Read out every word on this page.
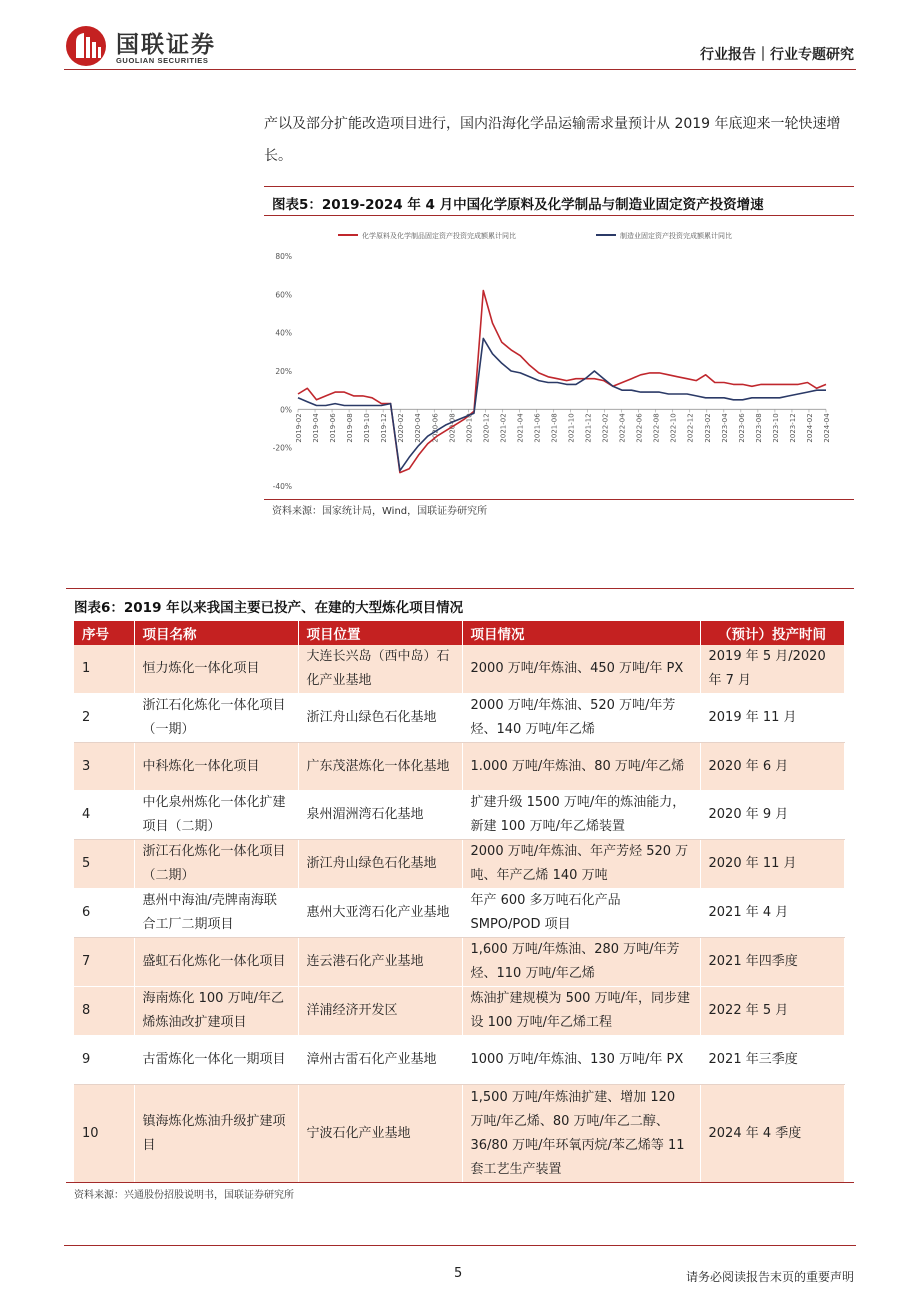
国联证券
GUOLIAN SECURITIES	行业报告｜行业专题研究

产以及部分扩能改造项目进行，国内沿海化学品运输需求量预计从 2019 年底迎来一轮快速增长。

图表5：2019-2024 年 4 月中国化学原料及化学制品与制造业固定资产投资增速
化学原料及化学制品固定资产投资完成额累计同比	制造业固定资产投资完成额累计同比
80%
60%
40%
20%
0%
-20%
-40%
2019-02 2019-04 2019-06 2019-08 2019-10 2019-12 2020-02 2020-04 2020-06 2020-08 2020-10 2020-12 2021-02 2021-04 2021-06 2021-08 2021-10 2021-12 2022-02 2022-04 2022-06 2022-08 2022-10 2022-12 2023-02 2023-04 2023-06 2023-08 2023-10 2023-12 2024-02 2024-04
资料来源：国家统计局，Wind，国联证券研究所
图表6：2019 年以来我国主要已投产、在建的大型炼化项目情况
序号	项目名称	项目位置	项目情况	（预计）投产时间
1	恒力炼化一体化项目	大连长兴岛（西中岛）石化产业基地	2000 万吨/年炼油、450 万吨/年 PX	2019 年 5 月/2020 年 7 月
2	浙江石化炼化一体化项目（一期）	浙江舟山绿色石化基地	2000 万吨/年炼油、520 万吨/年芳烃、140 万吨/年乙烯	2019 年 11 月
3	中科炼化一体化项目	广东茂湛炼化一体化基地	1.000 万吨/年炼油、80 万吨/年乙烯	2020 年 6 月
4	中化泉州炼化一体化扩建项目（二期）	泉州湄洲湾石化基地	扩建升级 1500 万吨/年的炼油能力，新建 100 万吨/年乙烯装置	2020 年 9 月
5	浙江石化炼化一体化项目（二期）	浙江舟山绿色石化基地	2000 万吨/年炼油、年产芳烃 520 万吨、年产乙烯 140 万吨	2020 年 11 月
6	惠州中海油/壳牌南海联合工厂二期项目	惠州大亚湾石化产业基地	年产 600 多万吨石化产品 SMPO/POD 项目	2021 年 4 月
7	盛虹石化炼化一体化项目	连云港石化产业基地	1,600 万吨/年炼油、280 万吨/年芳烃、110 万吨/年乙烯	2021 年四季度
8	海南炼化 100 万吨/年乙烯炼油改扩建项目	洋浦经济开发区	炼油扩建规模为 500 万吨/年，同步建设 100 万吨/年乙烯工程	2022 年 5 月
9	古雷炼化一体化一期项目	漳州古雷石化产业基地	1000 万吨/年炼油、130 万吨/年 PX	2021 年三季度
10	镇海炼化炼油升级扩建项目	宁波石化产业基地	1,500 万吨/年炼油扩建、增加 120 万吨/年乙烯、80 万吨/年乙二醇、36/80 万吨/年环氧丙烷/苯乙烯等 11 套工艺生产装置	2024 年 4 季度
资料来源：兴通股份招股说明书，国联证券研究所
5	请务必阅读报告末页的重要声明
